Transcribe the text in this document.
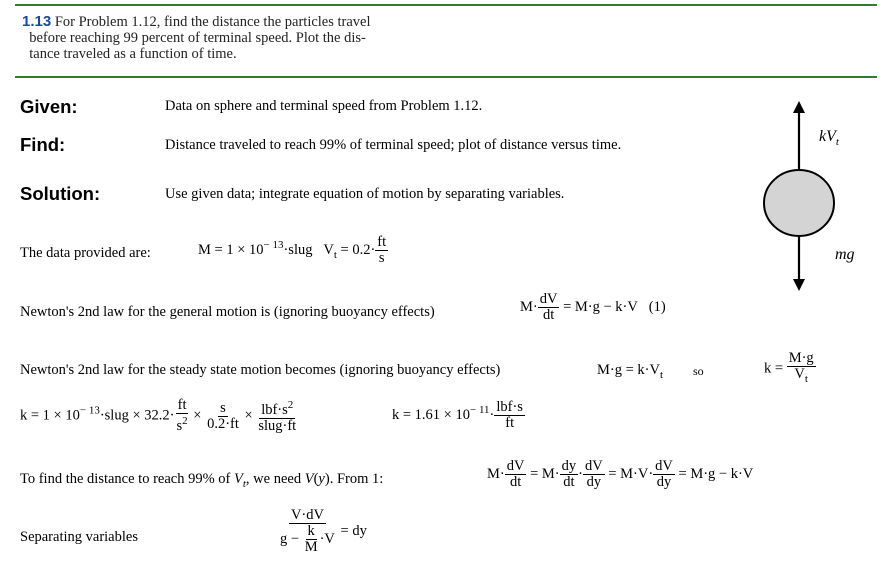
1.13 For Problem 1.12, find the distance the particles travel
before reaching 99 percent of terminal speed. Plot the dis-
tance traveled as a function of time.
Given:	Data on sphere and terminal speed from Problem 1.12.
Find:	Distance traveled to reach 99% of terminal speed; plot of distance versus time.
Solution:	Use given data; integrate equation of motion by separating variables.
$kV_t$
mg
The data provided are:	$M = 1 \times 10^{- 13}\cdot slug$   $V_t = 0.2\cdot \frac{ft}{s}$
Newton's 2nd law for the general motion is (ignoring buoyancy effects)	$M\cdot \frac{dV}{dt} = M\cdot g - k\cdot V$   (1)
Newton's 2nd law for the steady state motion becomes (ignoring buoyancy effects)	$M\cdot g = k\cdot V_t$ so	$k = \frac{M\cdot g}{V_t}$
$k = 1 \times 10^{- 13}\cdot slug \times 32.2\cdot \frac{ft}{s^2} \times \frac{s}{0.2\cdot ft} \times \frac{lbf\cdot s^2}{\text{slug·ft}}$	$k = 1.61 \times 10^{- 11}\cdot \frac{\text{lbf·s}}{ft}$
To find the distance to reach 99% of $V_t$, we need V(y). From 1:	$M\cdot \frac{dV}{dt} = M\cdot \frac{dy}{dt} \cdot \frac{dV}{dy} = M\cdot V\cdot \frac{dV}{dy} = M\cdot g - k\cdot V$
Separating variables	$\frac{V\cdot dV}{g - \frac{k}{M} \cdot V}$ = dy
